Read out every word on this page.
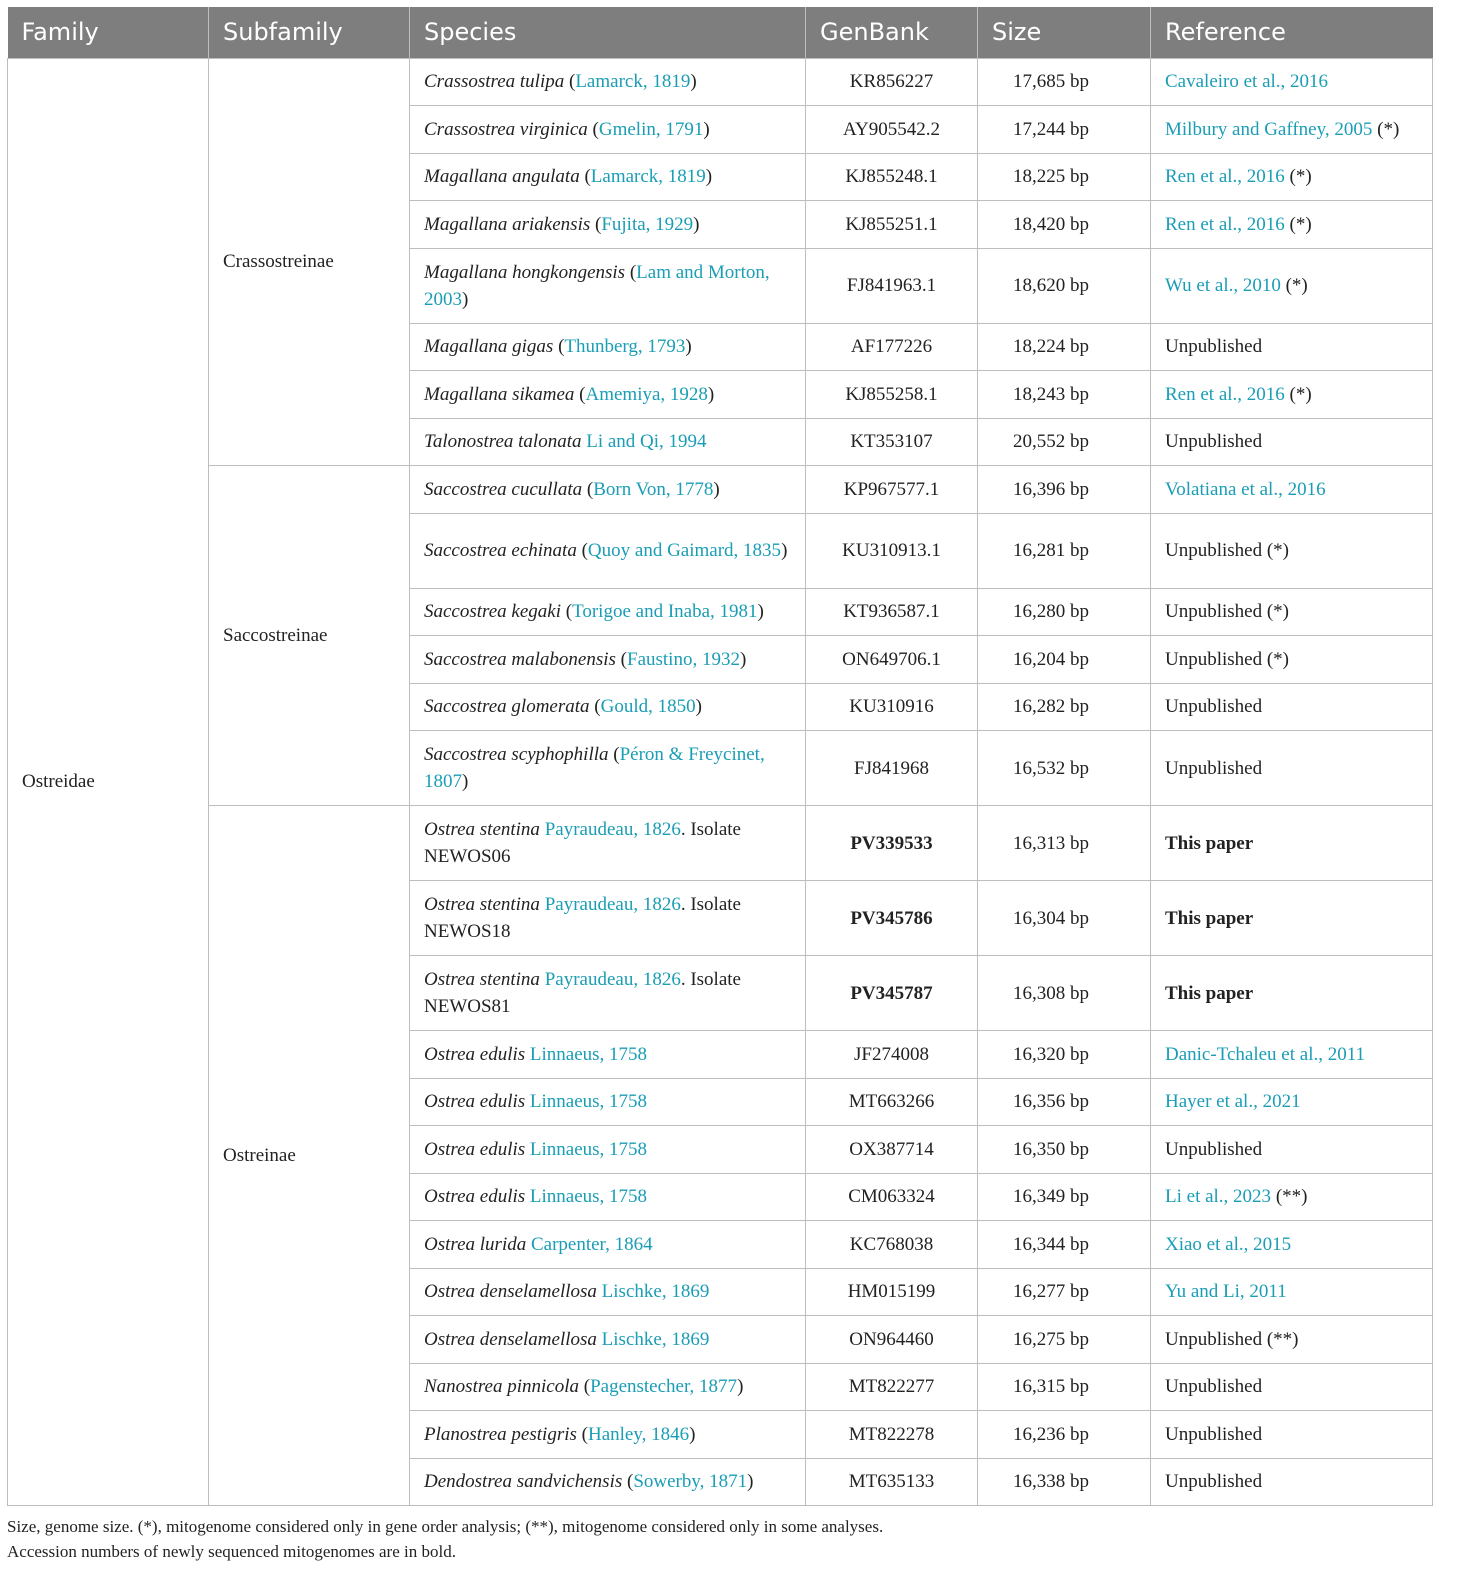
Family	Subfamily	Species	GenBank	Size	Reference
Ostreidae	Crassostreinae	Crassostrea tulipa (Lamarck, 1819)	KR856227	17,685 bp	Cavaleiro et al., 2016
		Crassostrea virginica (Gmelin, 1791)	AY905542.2	17,244 bp	Milbury and Gaffney, 2005 (*)
		Magallana angulata (Lamarck, 1819)	KJ855248.1	18,225 bp	Ren et al., 2016 (*)
		Magallana ariakensis (Fujita, 1929)	KJ855251.1	18,420 bp	Ren et al., 2016 (*)
		Magallana hongkongensis (Lam and Morton, 2003)	FJ841963.1	18,620 bp	Wu et al., 2010 (*)
		Magallana gigas (Thunberg, 1793)	AF177226	18,224 bp	Unpublished
		Magallana sikamea (Amemiya, 1928)	KJ855258.1	18,243 bp	Ren et al., 2016 (*)
		Talonostrea talonata Li and Qi, 1994	KT353107	20,552 bp	Unpublished
	Saccostreinae	Saccostrea cucullata (Born Von, 1778)	KP967577.1	16,396 bp	Volatiana et al., 2016
		Saccostrea echinata (Quoy and Gaimard, 1835)	KU310913.1	16,281 bp	Unpublished (*)
		Saccostrea kegaki (Torigoe and Inaba, 1981)	KT936587.1	16,280 bp	Unpublished (*)
		Saccostrea malabonensis (Faustino, 1932)	ON649706.1	16,204 bp	Unpublished (*)
		Saccostrea glomerata (Gould, 1850)	KU310916	16,282 bp	Unpublished
		Saccostrea scyphophilla (Péron & Freycinet, 1807)	FJ841968	16,532 bp	Unpublished
	Ostreinae	Ostrea stentina Payraudeau, 1826. Isolate NEWOS06	PV339533	16,313 bp	This paper
		Ostrea stentina Payraudeau, 1826. Isolate NEWOS18	PV345786	16,304 bp	This paper
		Ostrea stentina Payraudeau, 1826. Isolate NEWOS81	PV345787	16,308 bp	This paper
		Ostrea edulis Linnaeus, 1758	JF274008	16,320 bp	Danic-Tchaleu et al., 2011
		Ostrea edulis Linnaeus, 1758	MT663266	16,356 bp	Hayer et al., 2021
		Ostrea edulis Linnaeus, 1758	OX387714	16,350 bp	Unpublished
		Ostrea edulis Linnaeus, 1758	CM063324	16,349 bp	Li et al., 2023 (**)
		Ostrea lurida Carpenter, 1864	KC768038	16,344 bp	Xiao et al., 2015
		Ostrea denselamellosa Lischke, 1869	HM015199	16,277 bp	Yu and Li, 2011
		Ostrea denselamellosa Lischke, 1869	ON964460	16,275 bp	Unpublished (**)
		Nanostrea pinnicola (Pagenstecher, 1877)	MT822277	16,315 bp	Unpublished
		Planostrea pestigris (Hanley, 1846)	MT822278	16,236 bp	Unpublished
		Dendostrea sandvichensis (Sowerby, 1871)	MT635133	16,338 bp	Unpublished
Size, genome size. (*), mitogenome considered only in gene order analysis; (**), mitogenome considered only in some analyses.
Accession numbers of newly sequenced mitogenomes are in bold.
